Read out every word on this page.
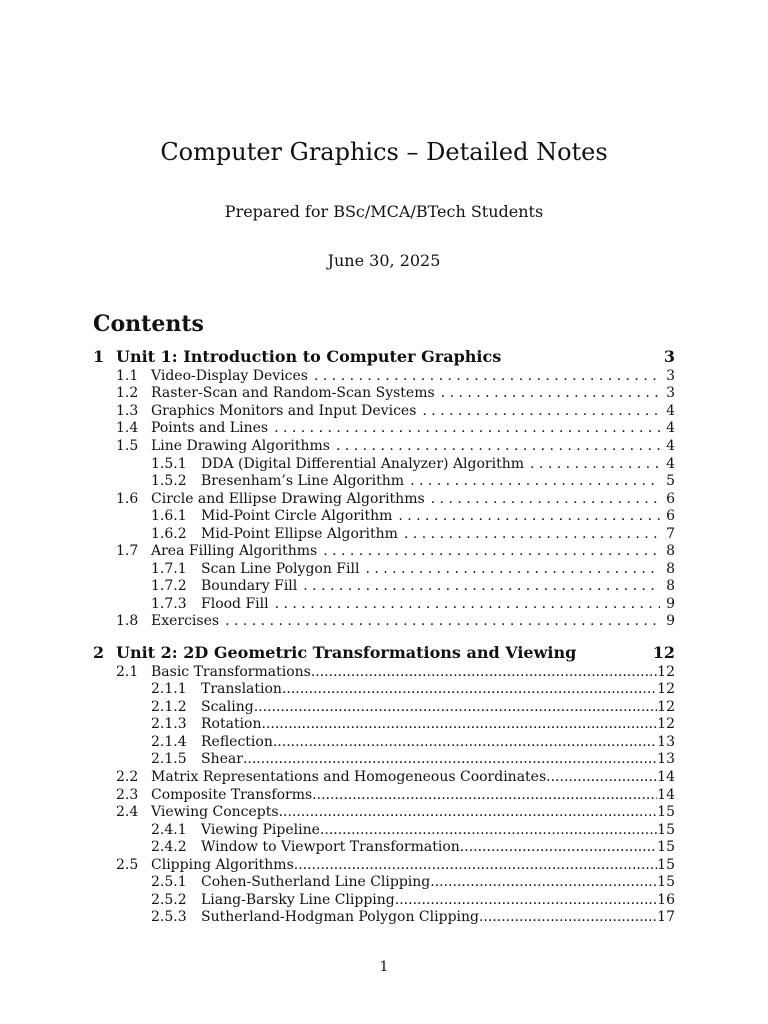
Computer Graphics – Detailed Notes
Prepared for BSc/MCA/BTech Students
June 30, 2025
Contents
1 Unit 1: Introduction to Computer Graphics	3
1.1 Video-Display Devices . . .	3
1.2 Raster-Scan and Random-Scan Systems . . .	3
1.3 Graphics Monitors and Input Devices . . .	4
1.4 Points and Lines . . .	4
1.5 Line Drawing Algorithms . . .	4
1.5.1	DDA (Digital Differential Analyzer) Algorithm . . .	4
1.5.2	Bresenham’s Line Algorithm . . .	5
1.6 Circle and Ellipse Drawing Algorithms . . .	6
1.6.1	Mid-Point Circle Algorithm . . .	6
1.6.2	Mid-Point Ellipse Algorithm . . .	7
1.7 Area Filling Algorithms . . .	8
1.7.1	Scan Line Polygon Fill . . .	8
1.7.2	Boundary Fill . . .	8
1.7.3	Flood Fill . . .	9
1.8 Exercises . . .	9
2 Unit 2: 2D Geometric Transformations and Viewing	12
2.1 Basic Transformations .....	12
2.1.1	Translation .....	12
2.1.2	Scaling .....	12
2.1.3	Rotation .....	12
2.1.4	Reflection .....	13
2.1.5	Shear .....	13
2.2 Matrix Representations and Homogeneous Coordinates .....	14
2.3 Composite Transforms .....	14
2.4 Viewing Concepts .....	15
2.4.1	Viewing Pipeline .....	15
2.4.2	Window to Viewport Transformation .....	15
2.5 Clipping Algorithms .....	15
2.5.1	Cohen-Sutherland Line Clipping .....	15
2.5.2	Liang-Barsky Line Clipping .....	16
2.5.3	Sutherland-Hodgman Polygon Clipping .....	17
1
